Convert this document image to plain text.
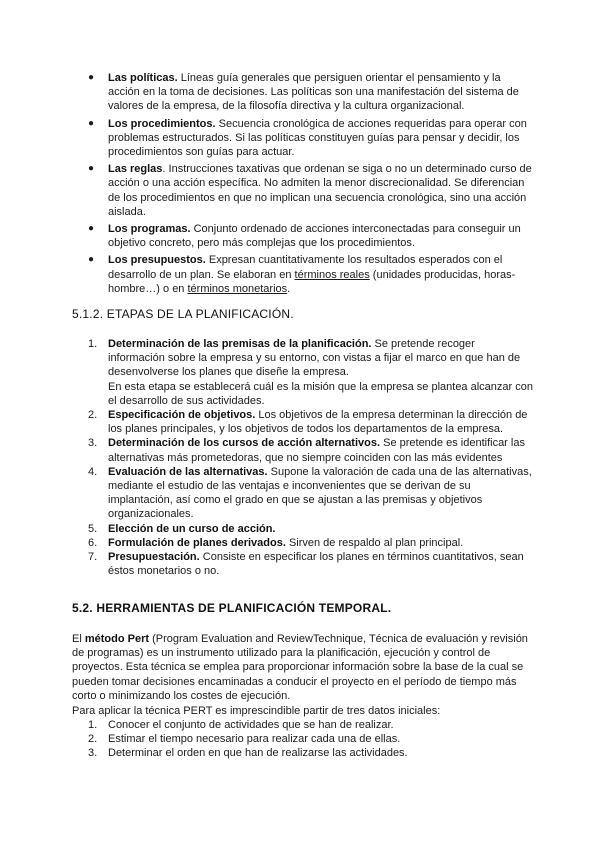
● Las políticas. Líneas guía generales que persiguen orientar el pensamiento y la acción en la toma de decisiones. Las políticas son una manifestación del sistema de valores de la empresa, de la filosofía directiva y la cultura organizacional.
● Los procedimientos. Secuencia cronológica de acciones requeridas para operar con problemas estructurados. Si las políticas constituyen guías para pensar y decidir, los procedimientos son guías para actuar.
● Las reglas. Instrucciones taxativas que ordenan se siga o no un determinado curso de acción o una acción específica. No admiten la menor discrecionalidad. Se diferencian de los procedimientos en que no implican una secuencia cronológica, sino una acción aislada.
● Los programas. Conjunto ordenado de acciones interconectadas para conseguir un objetivo concreto, pero más complejas que los procedimientos.
● Los presupuestos. Expresan cuantitativamente los resultados esperados con el desarrollo de un plan. Se elaboran en términos reales (unidades producidas, horas-hombre…) o en términos monetarios.
5.1.2. ETAPAS DE LA PLANIFICACIÓN.
1. Determinación de las premisas de la planificación. Se pretende recoger información sobre la empresa y su entorno, con vistas a fijar el marco en que han de desenvolverse los planes que diseñe la empresa.
En esta etapa se establecerá cuál es la misión que la empresa se plantea alcanzar con el desarrollo de sus actividades.
2. Especificación de objetivos. Los objetivos de la empresa determinan la dirección de los planes principales, y los objetivos de todos los departamentos de la empresa.
3. Determinación de los cursos de acción alternativos. Se pretende es identificar las alternativas más prometedoras, que no siempre coinciden con las más evidentes
4. Evaluación de las alternativas. Supone la valoración de cada una de las alternativas, mediante el estudio de las ventajas e inconvenientes que se derivan de su implantación, así como el grado en que se ajustan a las premisas y objetivos organizacionales.
5. Elección de un curso de acción.
6. Formulación de planes derivados. Sirven de respaldo al plan principal.
7. Presupuestación. Consiste en especificar los planes en términos cuantitativos, sean éstos monetarios o no.
5.2. HERRAMIENTAS DE PLANIFICACIÓN TEMPORAL.

El método Pert (Program Evaluation and ReviewTechnique, Técnica de evaluación y revisión de programas) es un instrumento utilizado para la planificación, ejecución y control de proyectos. Esta técnica se emplea para proporcionar información sobre la base de la cual se pueden tomar decisiones encaminadas a conducir el proyecto en el período de tiempo más corto o minimizando los costes de ejecución.

Para aplicar la técnica PERT es imprescindible partir de tres datos iniciales:

1. Conocer el conjunto de actividades que se han de realizar.
2. Estimar el tiempo necesario para realizar cada una de ellas.
3. Determinar el orden en que han de realizarse las actividades.
